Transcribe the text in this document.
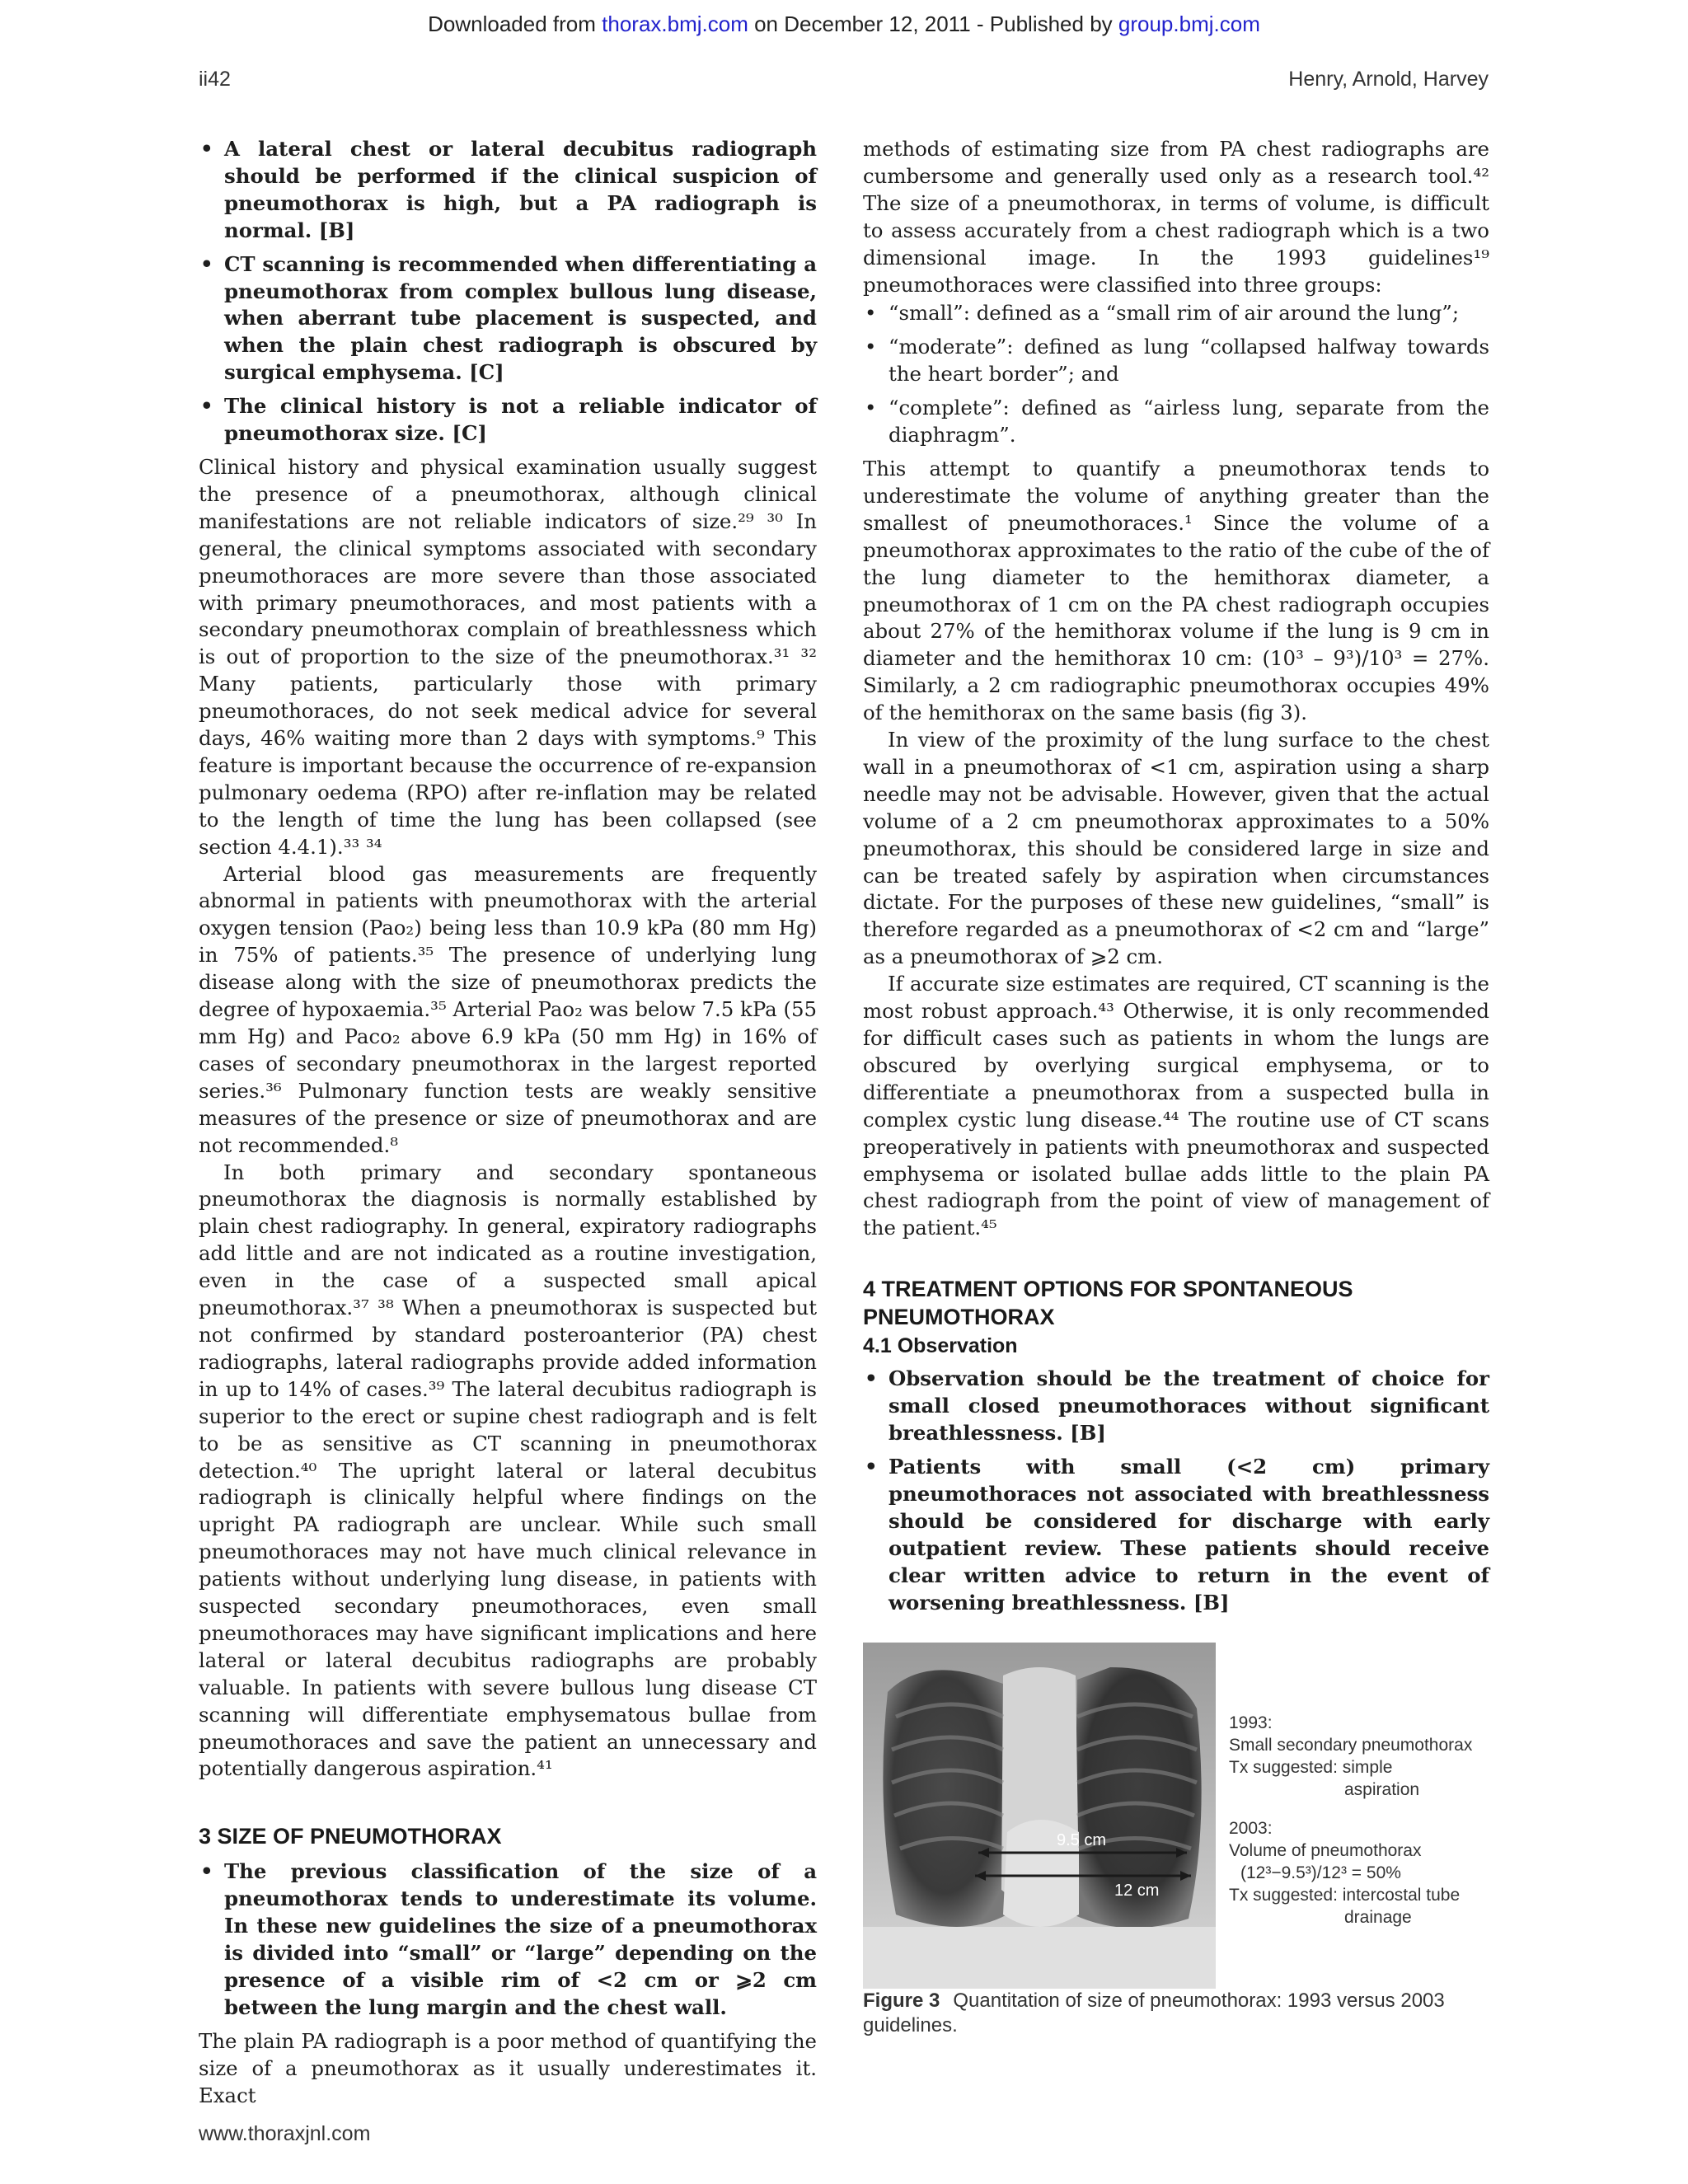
Downloaded from thorax.bmj.com on December 12, 2011 - Published by group.bmj.com
ii42	Henry, Arnold, Harvey
• A lateral chest or lateral decubitus radiograph should be performed if the clinical suspicion of pneumothorax is high, but a PA radiograph is normal. [B]
• CT scanning is recommended when differentiating a pneumothorax from complex bullous lung disease, when aberrant tube placement is suspected, and when the plain chest radiograph is obscured by surgical emphysema. [C]
• The clinical history is not a reliable indicator of pneumothorax size. [C]

Clinical history and physical examination usually suggest the presence of a pneumothorax, although clinical manifestations are not reliable indicators of size.²⁹ ³⁰ In general, the clinical symptoms associated with secondary pneumothoraces are more severe than those associated with primary pneumothoraces, and most patients with a secondary pneumothorax complain of breathlessness which is out of proportion to the size of the pneumothorax.³¹ ³² Many patients, particularly those with primary pneumothoraces, do not seek medical advice for several days, 46% waiting more than 2 days with symptoms.⁹ This feature is important because the occurrence of re-expansion pulmonary oedema (RPO) after re-inflation may be related to the length of time the lung has been collapsed (see section 4.4.1).³³ ³⁴

Arterial blood gas measurements are frequently abnormal in patients with pneumothorax with the arterial oxygen tension (Pao₂) being less than 10.9 kPa (80 mm Hg) in 75% of patients.³⁵ The presence of underlying lung disease along with the size of pneumothorax predicts the degree of hypoxaemia.³⁵ Arterial Pao₂ was below 7.5 kPa (55 mm Hg) and Paco₂ above 6.9 kPa (50 mm Hg) in 16% of cases of secondary pneumothorax in the largest reported series.³⁶ Pulmonary function tests are weakly sensitive measures of the presence or size of pneumothorax and are not recommended.⁸

In both primary and secondary spontaneous pneumothorax the diagnosis is normally established by plain chest radiography. In general, expiratory radiographs add little and are not indicated as a routine investigation, even in the case of a suspected small apical pneumothorax.³⁷ ³⁸ When a pneumothorax is suspected but not confirmed by standard posteroanterior (PA) chest radiographs, lateral radiographs provide added information in up to 14% of cases.³⁹ The lateral decubitus radiograph is superior to the erect or supine chest radiograph and is felt to be as sensitive as CT scanning in pneumothorax detection.⁴⁰ The upright lateral or lateral decubitus radiograph is clinically helpful where findings on the upright PA radiograph are unclear. While such small pneumothoraces may not have much clinical relevance in patients without underlying lung disease, in patients with suspected secondary pneumothoraces, even small pneumothoraces may have significant implications and here lateral or lateral decubitus radiographs are probably valuable. In patients with severe bullous lung disease CT scanning will differentiate emphysematous bullae from pneumothoraces and save the patient an unnecessary and potentially dangerous aspiration.⁴¹

3 SIZE OF PNEUMOTHORAX
• The previous classification of the size of a pneumothorax tends to underestimate its volume. In these new guidelines the size of a pneumothorax is divided into “small” or “large” depending on the presence of a visible rim of <2 cm or ⩾2 cm between the lung margin and the chest wall.

The plain PA radiograph is a poor method of quantifying the size of a pneumothorax as it usually underestimates it. Exact

methods of estimating size from PA chest radiographs are cumbersome and generally used only as a research tool.⁴² The size of a pneumothorax, in terms of volume, is difficult to assess accurately from a chest radiograph which is a two dimensional image. In the 1993 guidelines¹⁹ pneumothoraces were classified into three groups:

• “small”: defined as a “small rim of air around the lung”;
• “moderate”: defined as lung “collapsed halfway towards the heart border”; and
• “complete”: defined as “airless lung, separate from the diaphragm”.

This attempt to quantify a pneumothorax tends to underestimate the volume of anything greater than the smallest of pneumothoraces.¹ Since the volume of a pneumothorax approximates to the ratio of the cube of the of the lung diameter to the hemithorax diameter, a pneumothorax of 1 cm on the PA chest radiograph occupies about 27% of the hemithorax volume if the lung is 9 cm in diameter and the hemithorax 10 cm: (10³ – 9³)/10³ = 27%. Similarly, a 2 cm radiographic pneumothorax occupies 49% of the hemithorax on the same basis (fig 3).

In view of the proximity of the lung surface to the chest wall in a pneumothorax of <1 cm, aspiration using a sharp needle may not be advisable. However, given that the actual volume of a 2 cm pneumothorax approximates to a 50% pneumothorax, this should be considered large in size and can be treated safely by aspiration when circumstances dictate. For the purposes of these new guidelines, “small” is therefore regarded as a pneumothorax of <2 cm and “large” as a pneumothorax of ⩾2 cm.

If accurate size estimates are required, CT scanning is the most robust approach.⁴³ Otherwise, it is only recommended for difficult cases such as patients in whom the lungs are obscured by overlying surgical emphysema, or to differentiate a pneumothorax from a suspected bulla in complex cystic lung disease.⁴⁴ The routine use of CT scans preoperatively in patients with pneumothorax and suspected emphysema or isolated bullae adds little to the plain PA chest radiograph from the point of view of management of the patient.⁴⁵

4 TREATMENT OPTIONS FOR SPONTANEOUS PNEUMOTHORAX
4.1 Observation
• Observation should be the treatment of choice for small closed pneumothoraces without significant breathlessness. [B]
• Patients with small (<2 cm) primary pneumothoraces not associated with breathlessness should be considered for discharge with early outpatient review. These patients should receive clear written advice to return in the event of worsening breathlessness. [B]
9.5 cm
12 cm
1993:
Small secondary pneumothorax
Tx suggested: simple

aspiration
2003:
Volume of pneumothorax

(12³−9.5³)/12³ = 50%
Tx suggested: intercostal tube

drainage
Figure 3 Quantitation of size of pneumothorax: 1993 versus 2003 guidelines.
www.thoraxjnl.com
